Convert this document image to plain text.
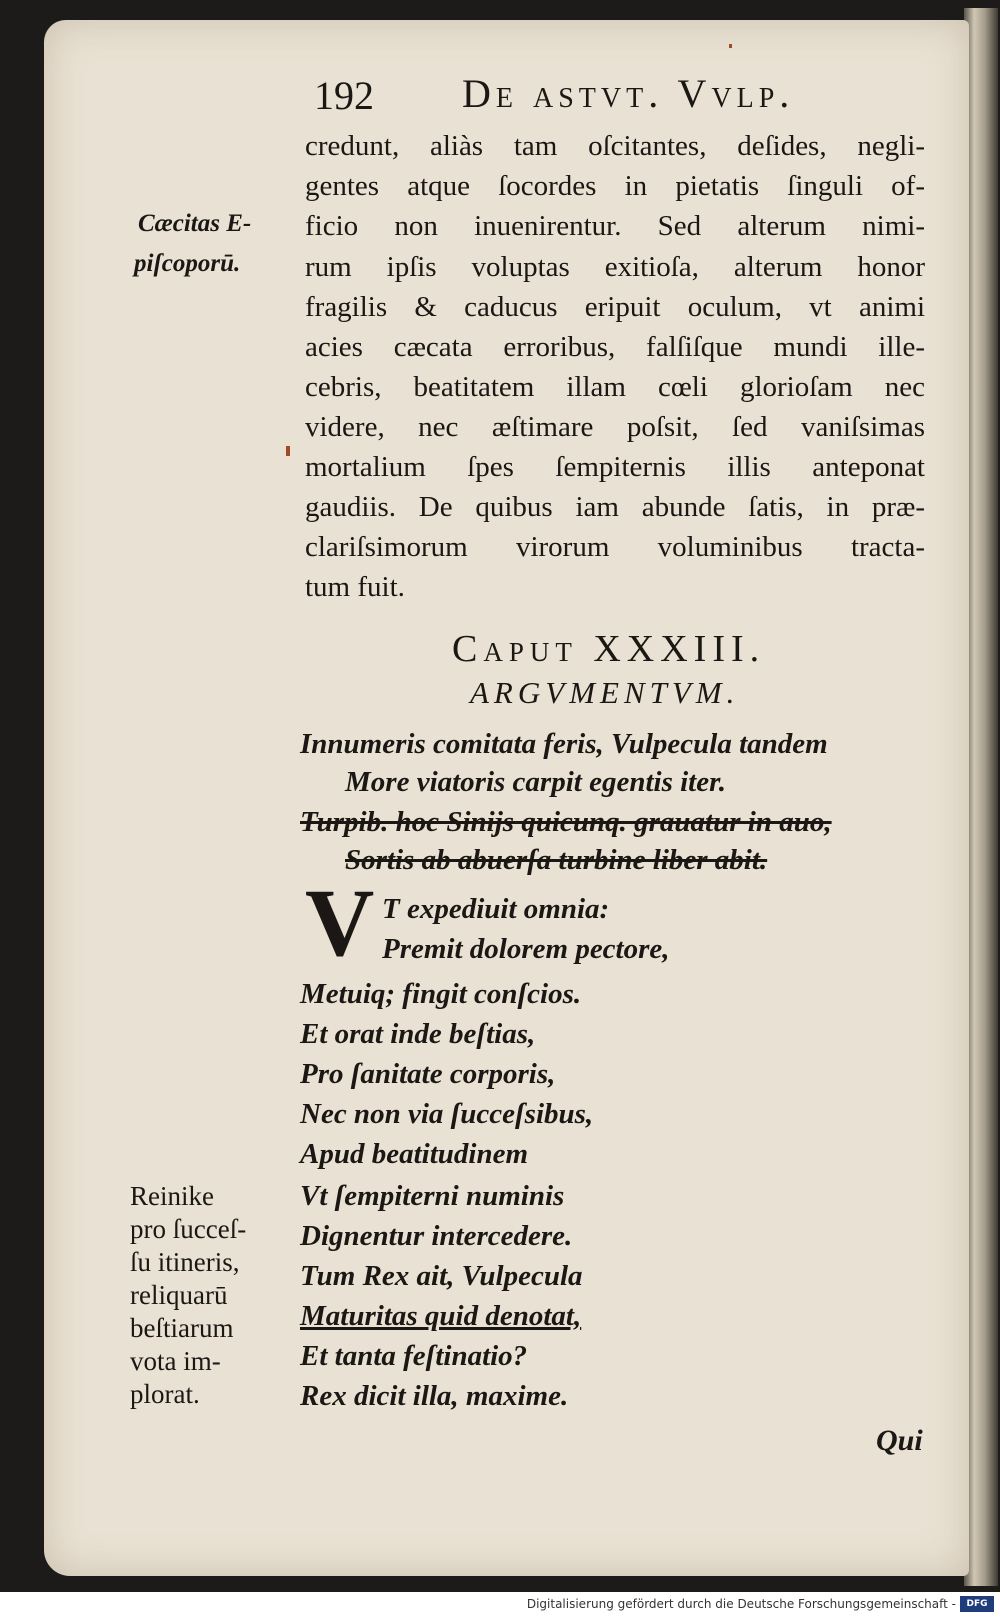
192 De astvt. Vvlp.
Cæcitas E-
piſcoporū.
credunt, aliàs tam oſcitantes, deſides, negli-
gentes atque ſocordes in pietatis ſinguli of-
ficio non inuenirentur. Sed alterum nimi-
rum ipſis voluptas exitioſa, alterum honor
fragilis & caducus eripuit oculum, vt animi
acies cæcata erroribus, falſiſque mundi ille-
cebris, beatitatem illam cœli glorioſam nec
videre, nec æſtimare poſsit, ſed vaniſsimas
mortalium ſpes ſempiternis illis anteponat
gaudiis. De quibus iam abunde ſatis, in præ-
clariſsimorum virorum voluminibus tracta-
tum fuit.
Caput XXXIII.
ARGVMENTVM.
Innumeris comitata feris, Vulpecula tandem
More viatoris carpit egentis iter.
Turpib. hoc Sinijs quicunq. grauatur in auo,
Sortis ab abuerſa turbine liber abit.
V T expediuit omnia:
Premit dolorem pectore,
Metuiq; fingit conſcios.
Et orat inde beſtias,
Pro ſanitate corporis,
Nec non via ſucceſsibus,
Apud beatitudinem
Vt ſempiterni numinis
Dignentur intercedere.
Tum Rex ait, Vulpecula
Maturitas quid denotat,
Et tanta feſtinatio?
Rex dicit illa, maxime.
Reinike
pro ſucceſ-
ſu itineris,
reliquarū
beſtiarum
vota im-
plorat.
Qui
Digitalisierung gefördert durch die Deutsche Forschungsgemeinschaft -	DFG
